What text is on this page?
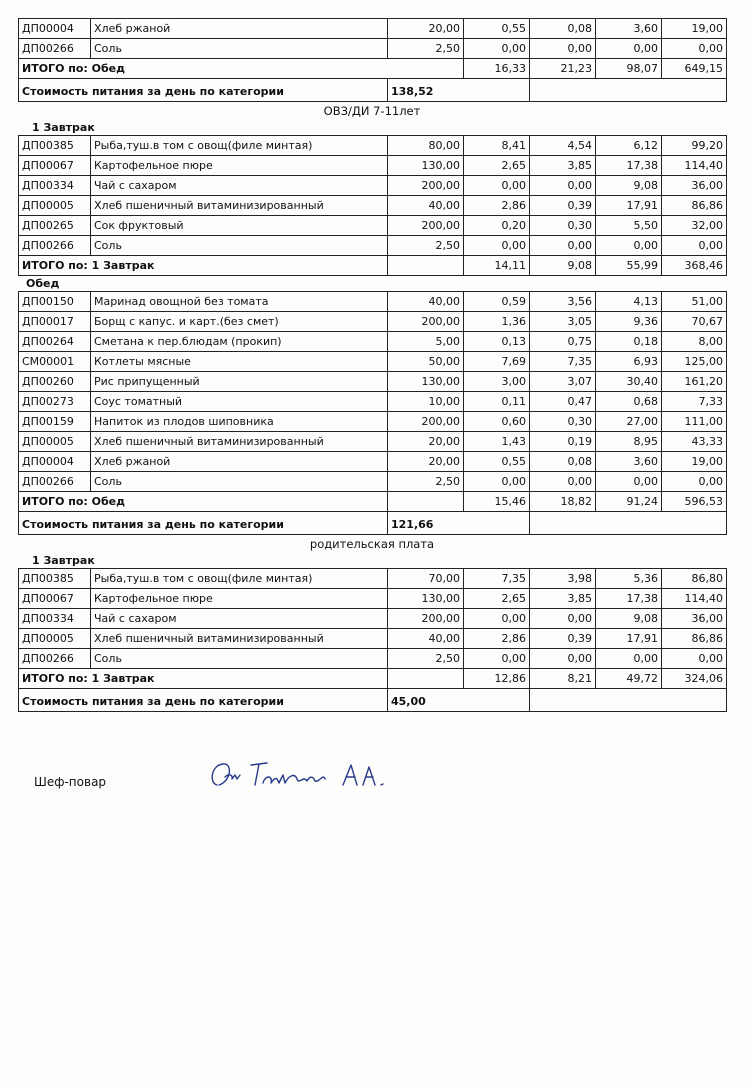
ДП00004	Хлеб ржаной	20,00	0,55	0,08	3,60	19,00
ДП00266	Соль	2,50	0,00	0,00	0,00	0,00
ИТОГО по: Обед			16,33	21,23	98,07	649,15
Стоимость питания за день по категории		138,52				
ОВЗ/ДИ 7-11лет
1 Завтрак
ДП00385	Рыба,туш.в том с овощ(филе минтая)	80,00	8,41	4,54	6,12	99,20
ДП00067	Картофельное пюре	130,00	2,65	3,85	17,38	114,40
ДП00334	Чай с сахаром	200,00	0,00	0,00	9,08	36,00
ДП00005	Хлеб пшеничный витаминизированный	40,00	2,86	0,39	17,91	86,86
ДП00265	Сок фруктовый	200,00	0,20	0,30	5,50	32,00
ДП00266	Соль	2,50	0,00	0,00	0,00	0,00
ИТОГО по: 1 Завтрак			14,11	9,08	55,99	368,46
Обед
ДП00150	Маринад овощной без томата	40,00	0,59	3,56	4,13	51,00
ДП00017	Борщ с капус. и карт.(без смет)	200,00	1,36	3,05	9,36	70,67
ДП00264	Сметана к пер.блюдам (прокип)	5,00	0,13	0,75	0,18	8,00
СМ00001	Котлеты мясные	50,00	7,69	7,35	6,93	125,00
ДП00260	Рис припущенный	130,00	3,00	3,07	30,40	161,20
ДП00273	Соус томатный	10,00	0,11	0,47	0,68	7,33
ДП00159	Напиток из плодов шиповника	200,00	0,60	0,30	27,00	111,00
ДП00005	Хлеб пшеничный витаминизированный	20,00	1,43	0,19	8,95	43,33
ДП00004	Хлеб ржаной	20,00	0,55	0,08	3,60	19,00
ДП00266	Соль	2,50	0,00	0,00	0,00	0,00
ИТОГО по: Обед			15,46	18,82	91,24	596,53
Стоимость питания за день по категории		121,66				
родительская плата
1 Завтрак
ДП00385	Рыба,туш.в том с овощ(филе минтая)	70,00	7,35	3,98	5,36	86,80
ДП00067	Картофельное пюре	130,00	2,65	3,85	17,38	114,40
ДП00334	Чай с сахаром	200,00	0,00	0,00	9,08	36,00
ДП00005	Хлеб пшеничный витаминизированный	40,00	2,86	0,39	17,91	86,86
ДП00266	Соль	2,50	0,00	0,00	0,00	0,00
ИТОГО по: 1 Завтрак			12,86	8,21	49,72	324,06
Стоимость питания за день по категории		45,00				
Шеф-повар
